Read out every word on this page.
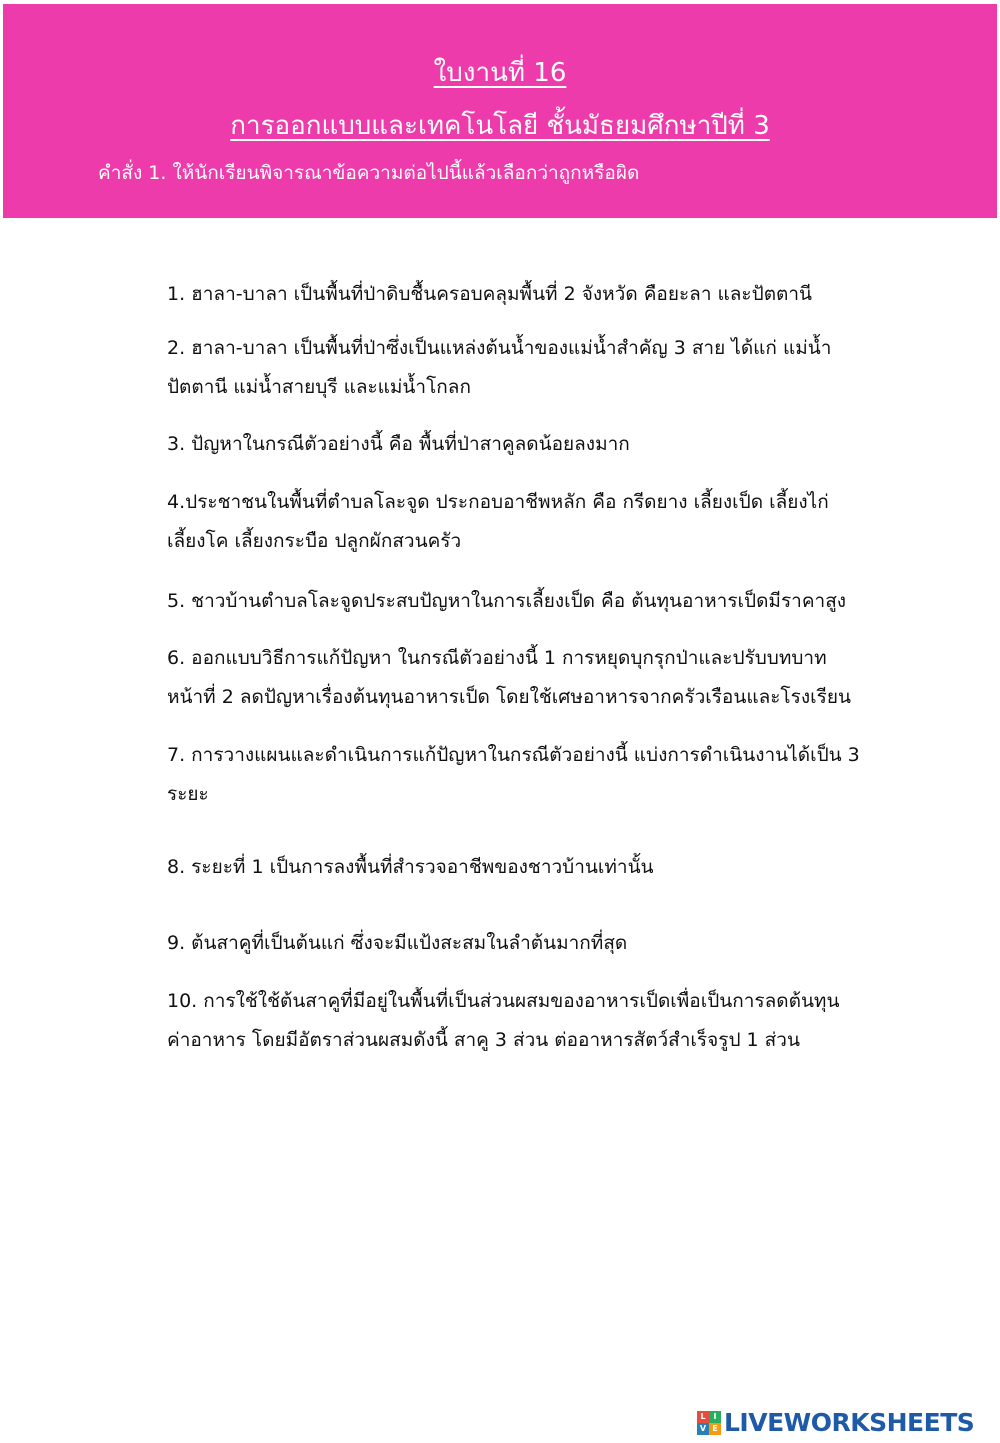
ใบงานที่ 16
การออกแบบและเทคโนโลยี ชั้นมัธยมศึกษาปีที่ 3
คำสั่ง 1. ให้นักเรียนพิจารณาข้อความต่อไปนี้แล้วเลือกว่าถูกหรือผิด
1. ฮาลา-บาลา เป็นพื้นที่ป่าดิบชื้นครอบคลุมพื้นที่ 2 จังหวัด คือยะลา และปัตตานี
2. ฮาลา-บาลา เป็นพื้นที่ป่าซึ่งเป็นแหล่งต้นน้ำของแม่น้ำสำคัญ 3 สาย ได้แก่ แม่น้ำ
ปัตตานี แม่น้ำสายบุรี และแม่น้ำโกลก
3. ปัญหาในกรณีตัวอย่างนี้ คือ พื้นที่ป่าสาคูลดน้อยลงมาก
4.ประชาชนในพื้นที่ตำบลโละจูด ประกอบอาชีพหลัก คือ กรีดยาง เลี้ยงเป็ด เลี้ยงไก่
เลี้ยงโค เลี้ยงกระบือ ปลูกผักสวนครัว
5. ชาวบ้านตำบลโละจูดประสบปัญหาในการเลี้ยงเป็ด คือ ต้นทุนอาหารเป็ดมีราคาสูง
6. ออกแบบวิธีการแก้ปัญหา ในกรณีตัวอย่างนี้ 1 การหยุดบุกรุกป่าและปรับบทบาท
หน้าที่ 2 ลดปัญหาเรื่องต้นทุนอาหารเป็ด โดยใช้เศษอาหารจากครัวเรือนและโรงเรียน
7. การวางแผนและดำเนินการแก้ปัญหาในกรณีตัวอย่างนี้ แบ่งการดำเนินงานได้เป็น 3
ระยะ
8. ระยะที่ 1 เป็นการลงพื้นที่สำรวจอาชีพของชาวบ้านเท่านั้น
9. ต้นสาคูที่เป็นต้นแก่ ซึ่งจะมีแป้งสะสมในลำต้นมากที่สุด
10. การใช้ใช้ต้นสาคูที่มีอยู่ในพื้นที่เป็นส่วนผสมของอาหารเป็ดเพื่อเป็นการลดต้นทุน
ค่าอาหาร โดยมีอัตราส่วนผสมดังนี้ สาคู 3 ส่วน ต่ออาหารสัตว์สำเร็จรูป 1 ส่วน
L I
V E LIVEWORKSHEETS
